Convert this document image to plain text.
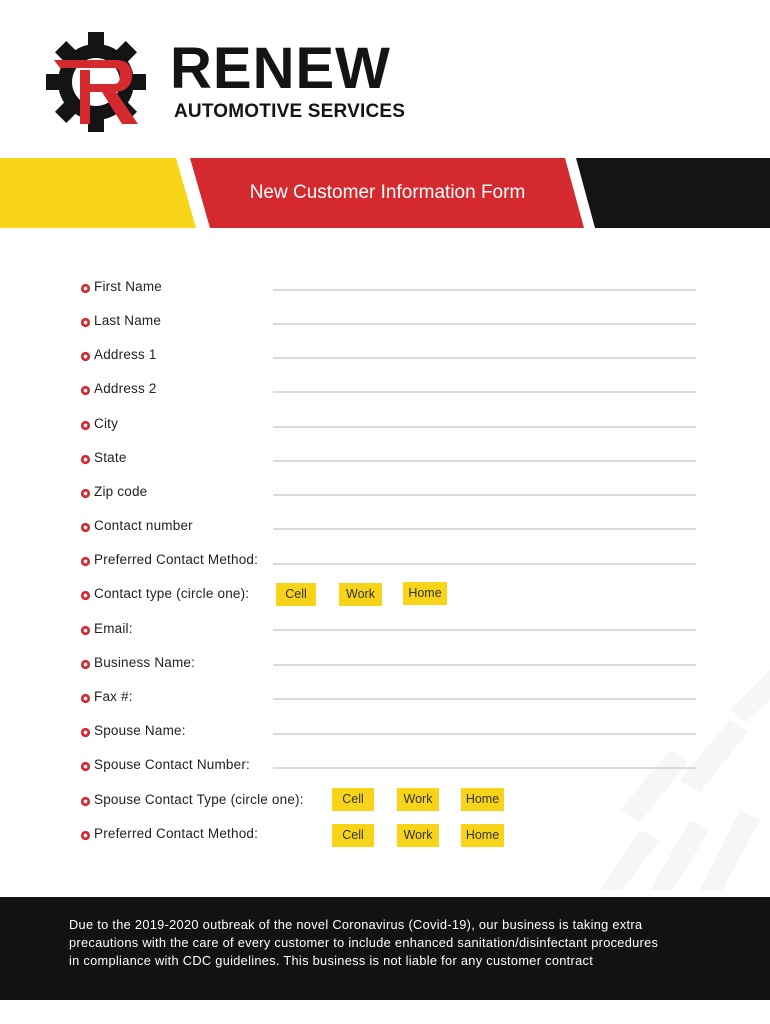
RENEW
AUTOMOTIVE SERVICES
New Customer Information Form
First Name
Last Name
Address 1
Address 2
City
State
Zip code
Contact number
Preferred Contact Method:
Contact type (circle one):	Cell	Work	Home
Email:
Business Name:
Fax #:
Spouse Name:
Spouse Contact Number:
Spouse Contact Type (circle one):	Cell	Work	Home
Preferred Contact Method:	Cell	Work	Home
Due to the 2019-2020 outbreak of the novel Coronavirus (Covid-19), our business is taking extra
precautions with the care of every customer to include enhanced sanitation/disinfectant procedures
in compliance with CDC guidelines. This business is not liable for any customer contract
